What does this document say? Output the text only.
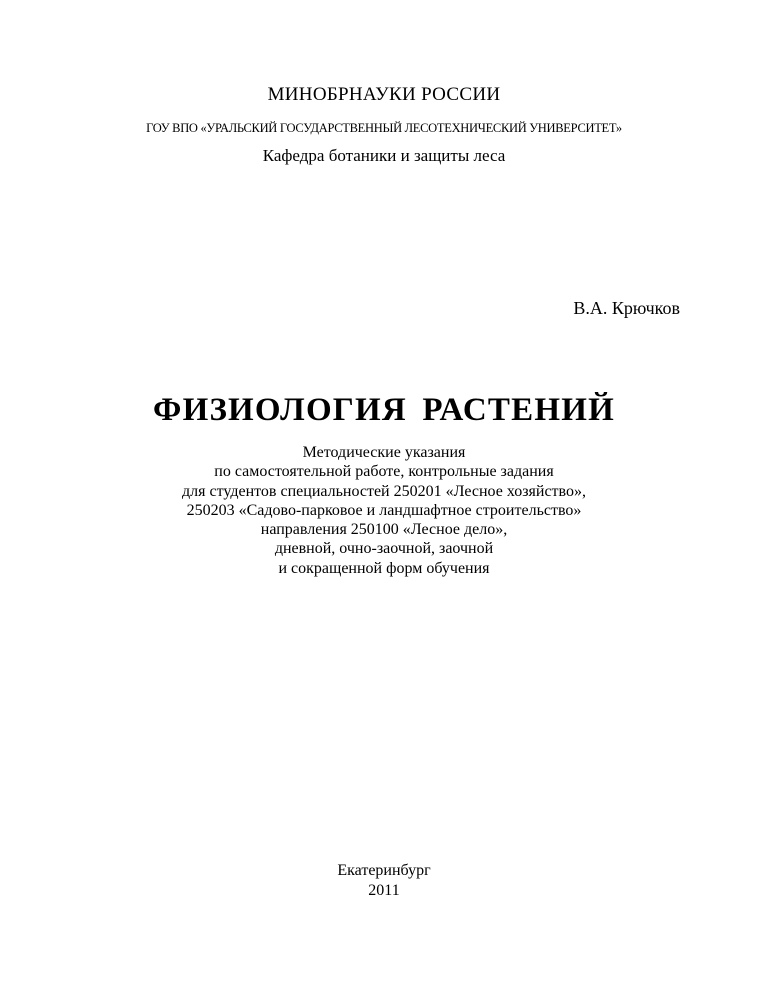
МИНОБРНАУКИ РОССИИ
ГОУ ВПО «УРАЛЬСКИЙ ГОСУДАРСТВЕННЫЙ ЛЕСОТЕХНИЧЕСКИЙ УНИВЕРСИТЕТ»
Кафедра ботаники и защиты леса
В.А. Крючков
ФИЗИОЛОГИЯ РАСТЕНИЙ
Методические указания
по самостоятельной работе, контрольные задания
для студентов специальностей 250201 «Лесное хозяйство»,
250203 «Садово-парковое и ландшафтное строительство»
направления 250100 «Лесное дело»,
дневной, очно-заочной, заочной
и сокращенной форм обучения
Екатеринбург
2011
